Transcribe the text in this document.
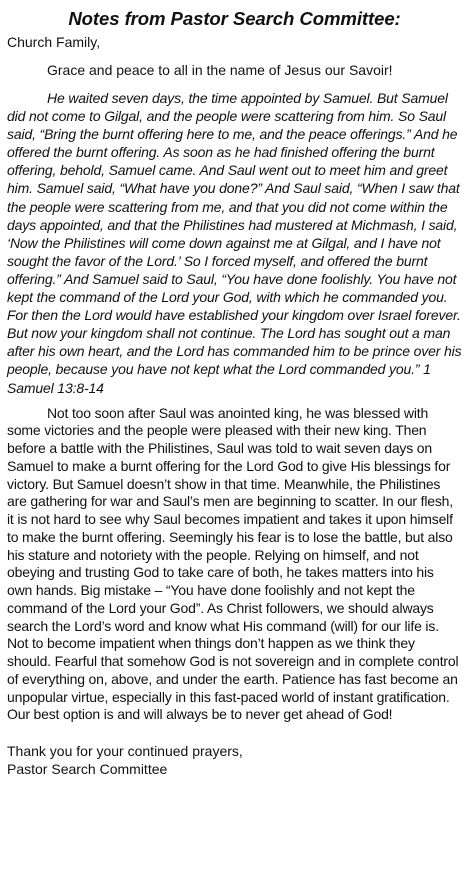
Notes from Pastor Search Committee:

Church Family,

Grace and peace to all in the name of Jesus our Savoir!

He waited seven days, the time appointed by Samuel. But Samuel did not come to Gilgal, and the people were scattering from him. So Saul said, “Bring the burnt offering here to me, and the peace offerings.” And he offered the burnt offering. As soon as he had finished offering the burnt offering, behold, Samuel came. And Saul went out to meet him and greet him. Samuel said, “What have you done?” And Saul said, “When I saw that the people were scattering from me, and that you did not come within the days appointed, and that the Philistines had mustered at Michmash, I said, ‘Now the Philistines will come down against me at Gilgal, and I have not sought the favor of the Lord.’ So I forced myself, and offered the burnt offering.” And Samuel said to Saul, “You have done foolishly. You have not kept the command of the Lord your God, with which he commanded you. For then the Lord would have established your kingdom over Israel forever. But now your kingdom shall not continue. The Lord has sought out a man after his own heart, and the Lord has commanded him to be prince over his people, because you have not kept what the Lord commanded you.” 1 Samuel 13:8-14

Not too soon after Saul was anointed king, he was blessed with some victories and the people were pleased with their new king. Then before a battle with the Philistines, Saul was told to wait seven days on Samuel to make a burnt offering for the Lord God to give His blessings for victory. But Samuel doesn’t show in that time. Meanwhile, the Philistines are gathering for war and Saul’s men are beginning to scatter. In our flesh, it is not hard to see why Saul becomes impatient and takes it upon himself to make the burnt offering. Seemingly his fear is to lose the battle, but also his stature and notoriety with the people. Relying on himself, and not obeying and trusting God to take care of both, he takes matters into his own hands. Big mistake – “You have done foolishly and not kept the command of the Lord your God”. As Christ followers, we should always search the Lord’s word and know what His command (will) for our life is. Not to become impatient when things don’t happen as we think they should. Fearful that somehow God is not sovereign and in complete control of everything on, above, and under the earth. Patience has fast become an unpopular virtue, especially in this fast-paced world of instant gratification. Our best option is and will always be to never get ahead of God!

Thank you for your continued prayers,

Pastor Search Committee
